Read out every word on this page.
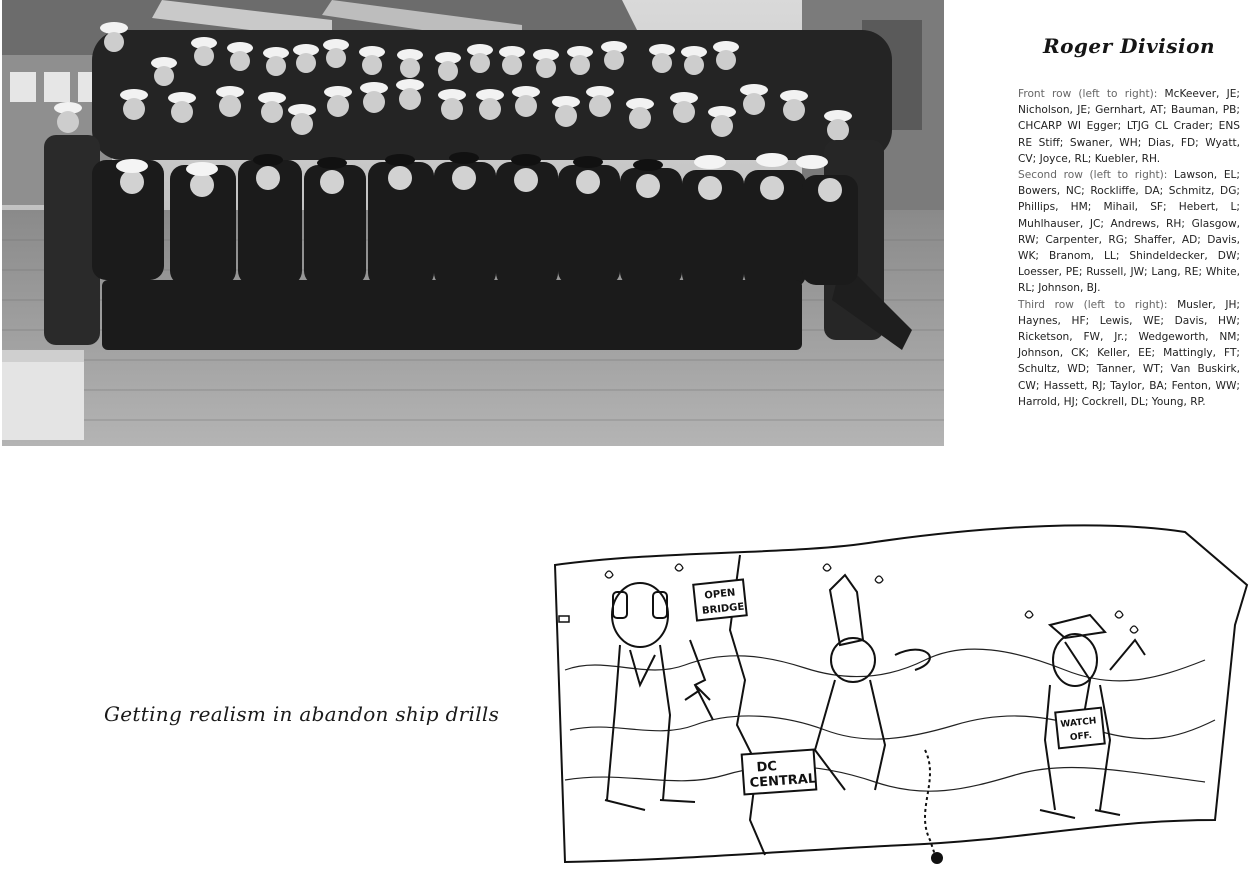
Roger Division

Front row (left to right): McKeever, JE; Nicholson, JE; Gernhart, AT; Bauman, PB; CHCARP WI Egger; LTJG CL Crader; ENS RE Stiff; Swaner, WH; Dias, FD; Wyatt, CV; Joyce, RL; Kuebler, RH.

Second row (left to right): Lawson, EL; Bowers, NC; Rockliffe, DA; Schmitz, DG; Phillips, HM; Mihail, SF; Hebert, L; Muhlhauser, JC; Andrews, RH; Glasgow, RW; Carpenter, RG; Shaffer, AD; Davis, WK; Branom, LL; Shindeldecker, DW; Loesser, PE; Russell, JW; Lang, RE; White, RL; Johnson, BJ.

Third row (left to right): Musler, JH; Haynes, HF; Lewis, WE; Davis, HW; Ricketson, FW, Jr.; Wedgeworth, NM; Johnson, CK; Keller, EE; Mattingly, FT; Schultz, WD; Tanner, WT; Van Buskirk, CW; Hassett, RJ; Taylor, BA; Fenton, WW; Harrold, HJ; Cockrell, DL; Young, RP.

Getting realism in abandon ship drills
OPEN
BRIDGE
DC
CENTRAL
WATCH
OFF.
